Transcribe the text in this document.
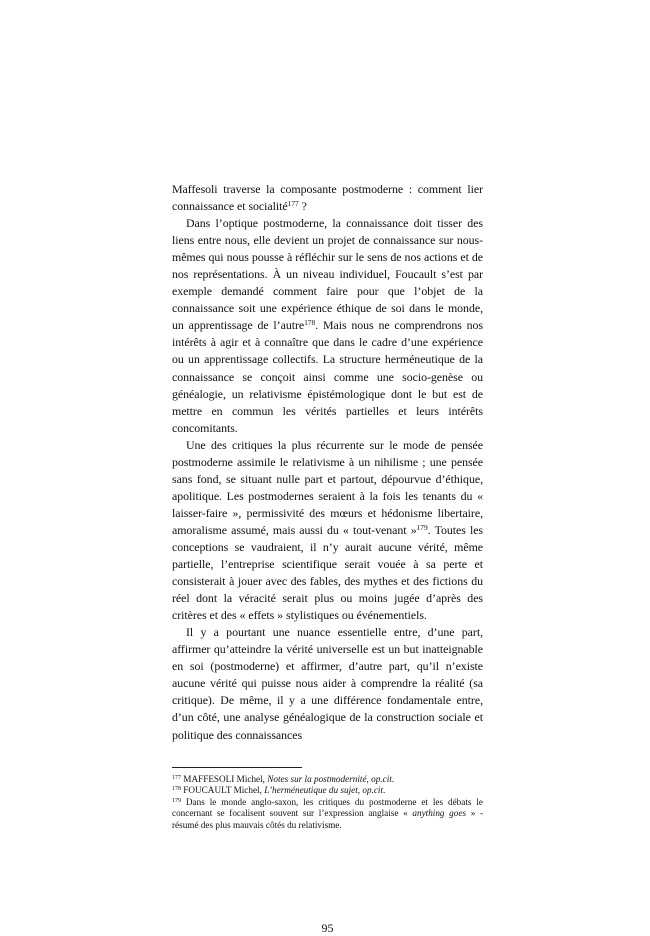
Maffesoli traverse la composante postmoderne : comment lier connaissance et socialité$^{177}$ ?

Dans l’optique postmoderne, la connaissance doit tisser des liens entre nous, elle devient un projet de connaissance sur nous-mêmes qui nous pousse à réfléchir sur le sens de nos actions et de nos représentations. À un niveau individuel, Foucault s’est par exemple demandé comment faire pour que l’objet de la connaissance soit une expérience éthique de soi dans le monde, un apprentissage de l’autre$^{178}$. Mais nous ne comprendrons nos intérêts à agir et à connaître que dans le cadre d’une expérience ou un apprentissage collectifs. La structure herméneutique de la connaissance se conçoit ainsi comme une socio-genèse ou généalogie, un relativisme épistémologique dont le but est de mettre en commun les vérités partielles et leurs intérêts concomitants.

Une des critiques la plus récurrente sur le mode de pensée postmoderne assimile le relativisme à un nihilisme ; une pensée sans fond, se situant nulle part et partout, dépourvue d’éthique, apolitique. Les postmodernes seraient à la fois les tenants du « laisser-faire », permissivité des mœurs et hédonisme libertaire, amoralisme assumé, mais aussi du « tout-venant »$^{179}$. Toutes les conceptions se vaudraient, il n’y aurait aucune vérité, même partielle, l’entreprise scientifique serait vouée à sa perte et consisterait à jouer avec des fables, des mythes et des fictions du réel dont la véracité serait plus ou moins jugée d’après des critères et des « effets » stylistiques ou événementiels.

Il y a pourtant une nuance essentielle entre, d’une part, affirmer qu’atteindre la vérité universelle est un but inatteignable en soi (postmoderne) et affirmer, d’autre part, qu’il n’existe aucune vérité qui puisse nous aider à comprendre la réalité (sa critique). De même, il y a une différence fondamentale entre, d’un côté, une analyse généalogique de la construction sociale et politique des connaissances

$^{177}$ MAFFESOLI Michel, Notes sur la postmodernité, op.cit.

$^{178}$ FOUCAULT Michel, L’herméneutique du sujet, op.cit.

$^{179}$ Dans le monde anglo-saxon, les critiques du postmoderne et les débats le concernant se focalisent souvent sur l’expression anglaise « anything goes » - résumé des plus mauvais côtés du relativisme.

95
